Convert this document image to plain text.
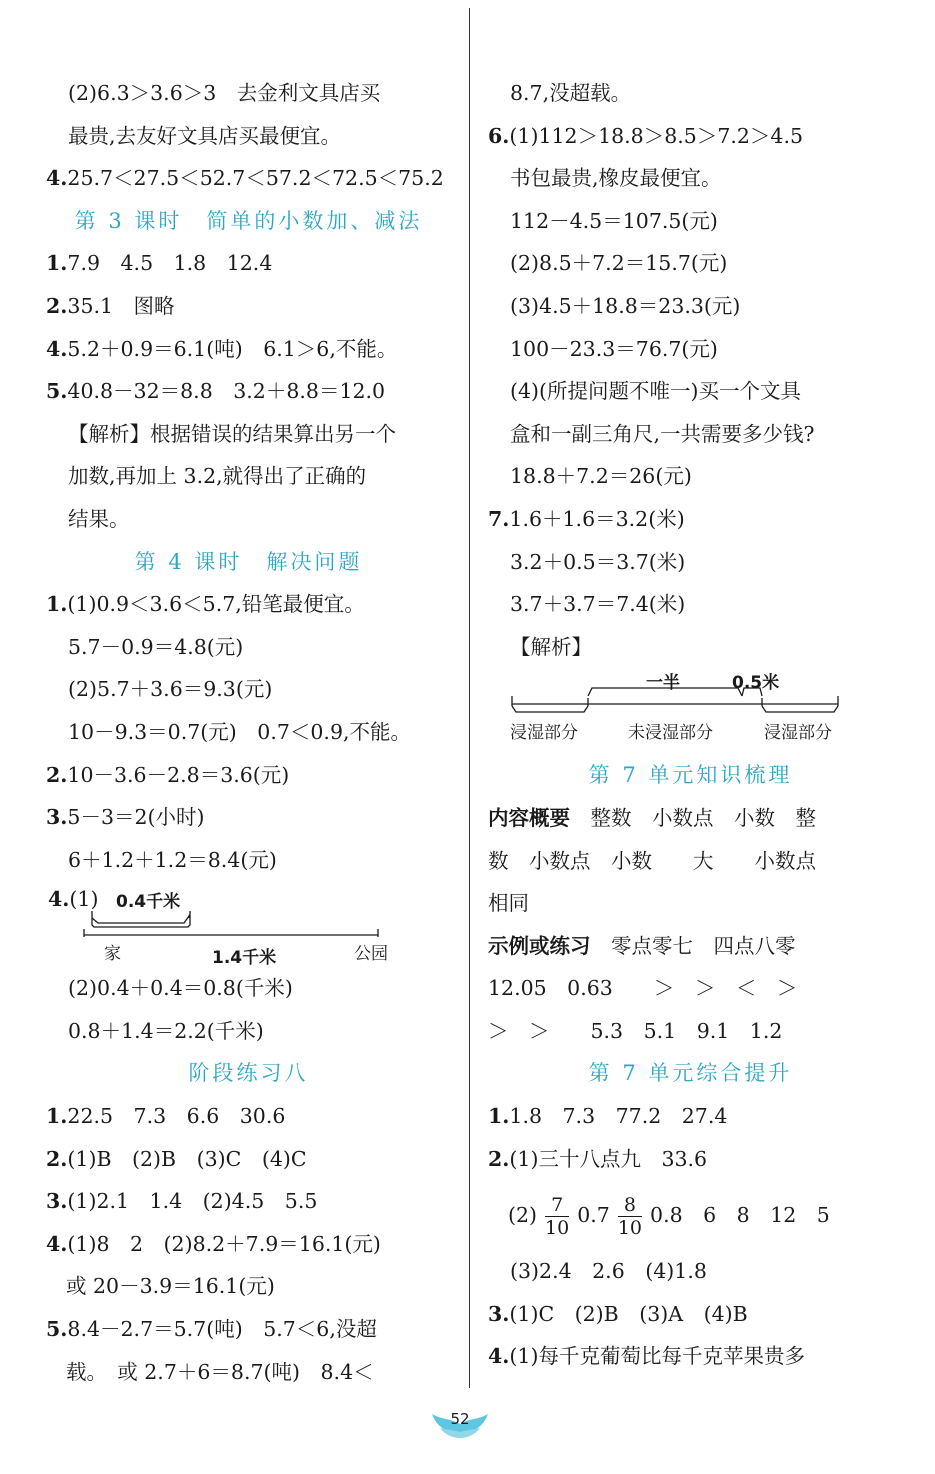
(2)6.3＞3.6＞3　去金利文具店买
最贵,去友好文具店买最便宜。
4.25.7＜27.5＜52.7＜57.2＜72.5＜75.2
第 3 课时　简单的小数加、减法
1.7.9　4.5　1.8　12.4
2.35.1　图略
4.5.2＋0.9＝6.1(吨)　6.1＞6,不能。
5.40.8－32＝8.8　3.2＋8.8＝12.0
【解析】根据错误的结果算出另一个
加数,再加上 3.2,就得出了正确的
结果。
第 4 课时　解决问题
1.(1)0.9＜3.6＜5.7,铅笔最便宜。
5.7－0.9＝4.8(元)
(2)5.7＋3.6＝9.3(元)
10－9.3＝0.7(元)　0.7＜0.9,不能。
2.10－3.6－2.8＝3.6(元)
3.5－3＝2(小时)
6＋1.2＋1.2＝8.4(元)
4.(1) 0.4千米
家	1.4千米	公园
(2)0.4＋0.4＝0.8(千米)
0.8＋1.4＝2.2(千米)
阶段练习八
1.22.5　7.3　6.6　30.6
2.(1)B　(2)B　(3)C　(4)C
3.(1)2.1　1.4　(2)4.5　5.5
4.(1)8　2　(2)8.2＋7.9＝16.1(元)
或 20－3.9＝16.1(元)
5.8.4－2.7＝5.7(吨)　5.7＜6,没超
载。　或 2.7＋6＝8.7(吨)　8.4＜
8.7,没超载。
6.(1)112＞18.8＞8.5＞7.2＞4.5
书包最贵,橡皮最便宜。
112－4.5＝107.5(元)
(2)8.5＋7.2＝15.7(元)
(3)4.5＋18.8＝23.3(元)
100－23.3＝76.7(元)
(4)(所提问题不唯一)买一个文具
盒和一副三角尺,一共需要多少钱?
18.8＋7.2＝26(元)
7.1.6＋1.6＝3.2(米)
3.2＋0.5＝3.7(米)
3.7＋3.7＝7.4(米)
【解析】
一半	0.5米
浸湿部分	未浸湿部分	浸湿部分
第 7 单元知识梳理
内容概要　整数　小数点　小数　整
数　小数点　小数　　大　　小数点
相同
示例或练习　零点零七　四点八零
12.05　0.63　　＞　＞　＜　＞
＞　＞　　5.3　5.1　9.1　1.2
第 7 单元综合提升
1.1.8　7.3　77.2　27.4
2.(1)三十八点九　33.6
$(2) \frac{7}{10} 0.7 \frac{8}{10} 0.8$　6　8　12　5
(3)2.4　2.6　(4)1.8
3.(1)C　(2)B　(3)A　(4)B
4.(1)每千克葡萄比每千克苹果贵多
52
